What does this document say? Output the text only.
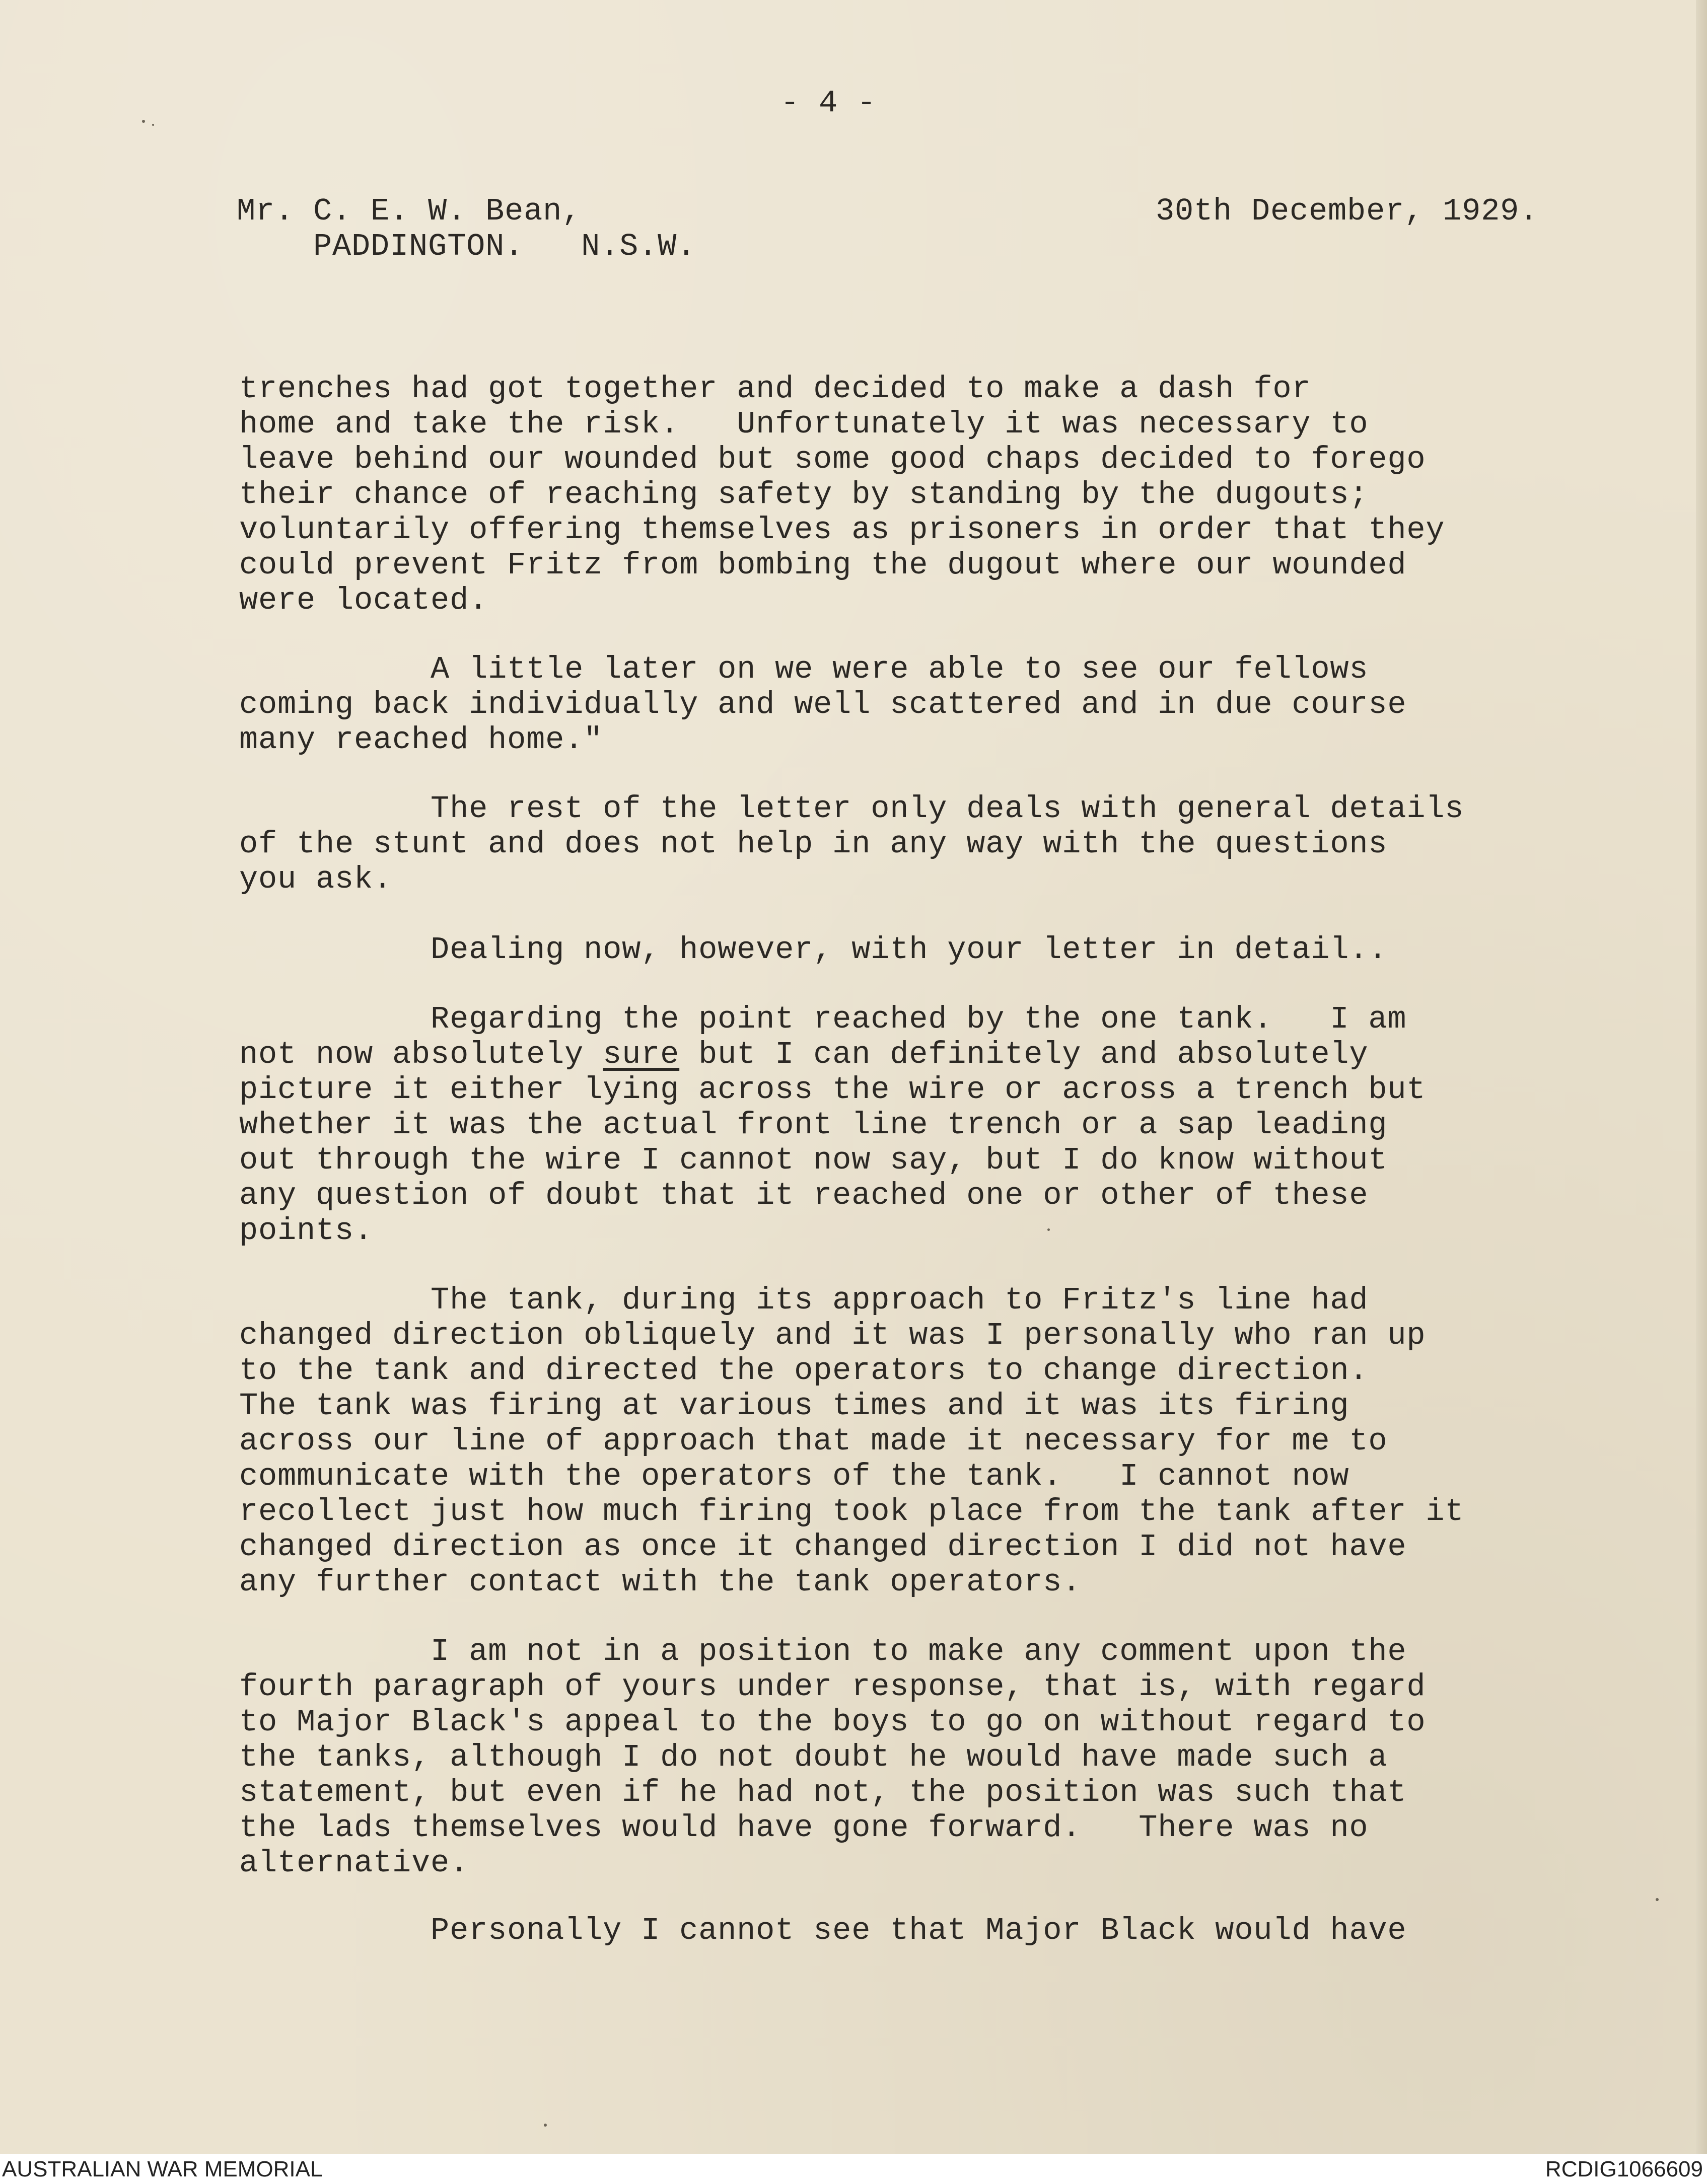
- 4 -

Mr. C. E. W. Bean,
PADDINGTON.   N.S.W.

30th December, 1929.

trenches had got together and decided to make a dash for
home and take the risk.   Unfortunately it was necessary to
leave behind our wounded but some good chaps decided to forego
their chance of reaching safety by standing by the dugouts;
voluntarily offering themselves as prisoners in order that they
could prevent Fritz from bombing the dugout where our wounded
were located.

A little later on we were able to see our fellows
coming back individually and well scattered and in due course
many reached home."

The rest of the letter only deals with general details
of the stunt and does not help in any way with the questions
you ask.

Dealing now, however, with your letter in detail..

Regarding the point reached by the one tank.   I am
not now absolutely sure but I can definitely and absolutely
picture it either lying across the wire or across a trench but
whether it was the actual front line trench or a sap leading
out through the wire I cannot now say, but I do know without
any question of doubt that it reached one or other of these
points.

The tank, during its approach to Fritz's line had
changed direction obliquely and it was I personally who ran up
to the tank and directed the operators to change direction.
The tank was firing at various times and it was its firing
across our line of approach that made it necessary for me to
communicate with the operators of the tank.   I cannot now
recollect just how much firing took place from the tank after it
changed direction as once it changed direction I did not have
any further contact with the tank operators.

I am not in a position to make any comment upon the
fourth paragraph of yours under response, that is, with regard
to Major Black's appeal to the boys to go on without regard to
the tanks, although I do not doubt he would have made such a
statement, but even if he had not, the position was such that
the lads themselves would have gone forward.   There was no
alternative.

Personally I cannot see that Major Black would have

AUSTRALIAN WAR MEMORIAL	RCDIG1066609
